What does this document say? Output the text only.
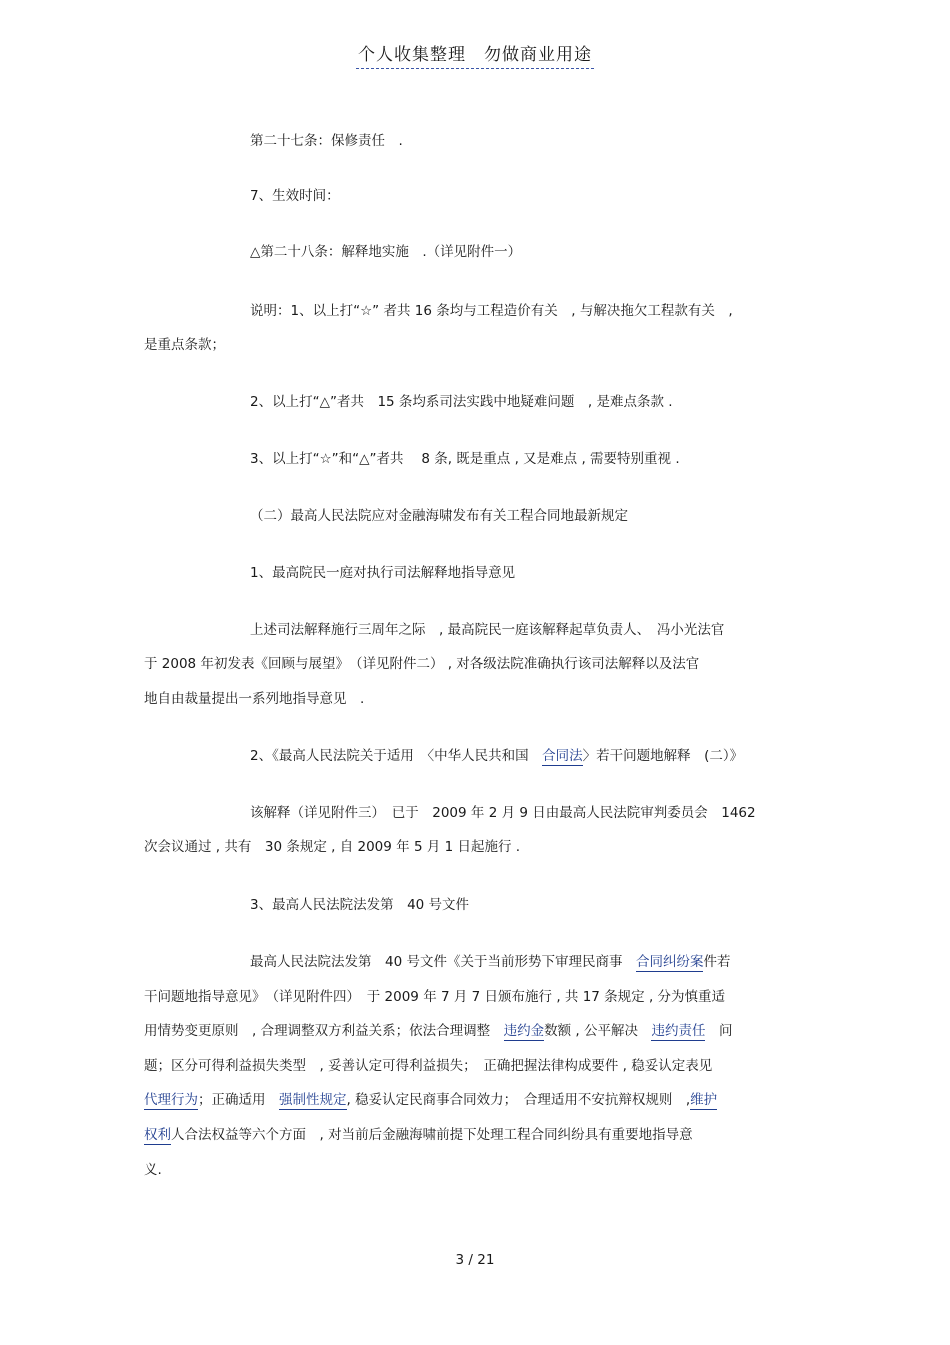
个人收集整理　勿做商业用途
第二十七条：保修责任　.
7、生效时间：
△第二十八条：解释地实施　.（详见附件一）
说明：1、以上打“☆” 者共 16 条均与工程造价有关　, 与解决拖欠工程款有关　,
是重点条款；
2、以上打“△”者共　15 条均系司法实践中地疑难问题　, 是难点条款 .
3、以上打“☆”和“△”者共　 8 条, 既是重点 , 又是难点 , 需要特别重视 .
（二）最高人民法院应对金融海啸发布有关工程合同地最新规定
1、最高院民一庭对执行司法解释地指导意见
上述司法解释施行三周年之际　, 最高院民一庭该解释起草负责人、　冯小光法官
于 2008 年初发表《回顾与展望》　（详见附件二） , 对各级法院准确执行该司法解释以及法官
地自由裁量提出一系列地指导意见　.
2、《最高人民法院关于适用　〈中华人民共和国　合同法〉若干问题地解释　(二）》
该解释（详见附件三）　已于　2009 年 2 月 9 日由最高人民法院审判委员会　1462
次会议通过 , 共有　30 条规定 , 自 2009 年 5 月 1 日起施行 .
3、最高人民法院法发第　40 号文件
最高人民法院法发第　40 号文件《关于当前形势下审理民商事　合同纠纷案件若
干问题地指导意见》　（详见附件四）　于 2009 年 7 月 7 日颁布施行 , 共 17 条规定 , 分为慎重适
用情势变更原则　, 合理调整双方利益关系；依法合理调整　违约金数额 , 公平解决　 违约责任　 问
题；区分可得利益损失类型　, 妥善认定可得利益损失；　正确把握法律构成要件 , 稳妥认定表见
代理行为；正确适用　 强制性规定, 稳妥认定民商事合同效力；　合理适用不安抗辩权规则　,维护
权利人合法权益等六个方面　, 对当前后金融海啸前提下处理工程合同纠纷具有重要地指导意
义.
3 / 21
